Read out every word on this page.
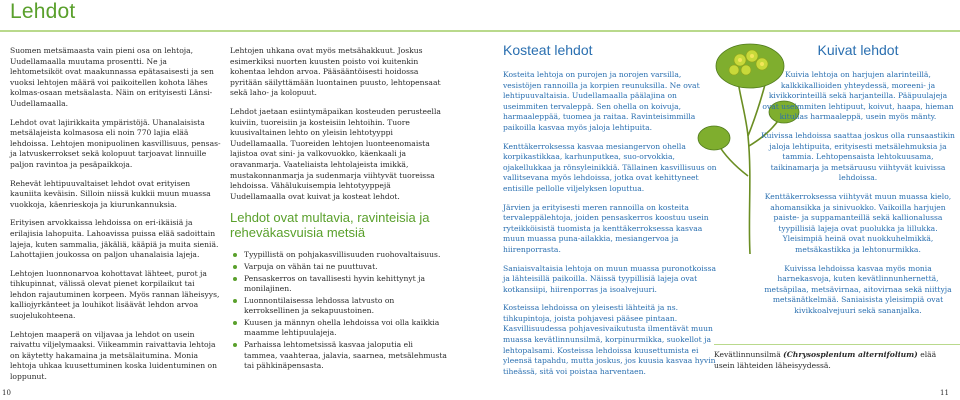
Lehdot

Suomen metsämaasta vain pieni osa on lehtoja, Uudellamaalla muutama prosentti. Ne ja lehtometsiköt ovat maakunnassa epätasaisesti ja sen vuoksi lehtojen määrä voi paikoitellen kohota lähes kolmas-osaan metsäalasta. Näin on erityisesti Länsi-Uudellamaalla.

Lehdot ovat lajirikkaita ympäristöjä. Uhanalaisista metsälajeista kolmasosa eli noin 770 lajia elää lehdoissa. Lehtojen monipuolinen kasvillisuus, pensas- ja latvuskerrokset sekä kolopuut tarjoavat linnuille paljon ravintoa ja pesäpaikkoja.

Rehevät lehtipuuvaltaiset lehdot ovat erityisen kauniita keväisin. Silloin niissä kukkii muun muassa vuokkoja, käenrieskoja ja kiurunkannuksia.

Erityisen arvokkaissa lehdoissa on eri-ikäisiä ja erilajisia lahopuita. Lahoavissa puissa elää sadoittain lajeja, kuten sammalia, jäkäliä, kääpiä ja muita sieniä. Lahottajien joukossa on paljon uhanalaisia lajeja.

Lehtojen luonnonarvoa kohottavat lähteet, purot ja tihkupinnat, välissä olevat pienet korpilaikut tai lehdon rajautuminen korpeen. Myös rannan läheisyys, kalliojyrkänteet ja louhikot lisäävät lehdon arvoa suojelukohteena.

Lehtojen maaperä on viljavaa ja lehdot on usein raivattu viljelymaaksi. Viikeammin raivattavia lehtoja on käytetty hakamaina ja metsälaitumina. Monia lehtoja uhkaa kuusettuminen koska luidentuminen on loppunut.

Lehtojen uhkana ovat myös metsähakkuut. Joskus esimerkiksi nuorten kuusten poisto voi kuitenkin kohentaa lehdon arvoa. Pääsääntöisesti hoidossa pyritään säilyttämään luontainen puusto, lehtopensaat sekä laho- ja kolopuut.

Lehdot jaetaan esiintymäpaikan kosteuden perusteella kuiviin, tuoreisiin ja kosteisiin lehtoihin. Tuore kuusivaltainen lehto on yleisin lehtotyyppi Uudellamaalla. Tuoreiden lehtojen luonteenomaista lajistoa ovat sini- ja valkovuokko, käenkaali ja oravanmarja. Vaateliaista lehtolajeista imikkä, mustakonnanmarja ja sudenmarja viihtyvät tuoreissa lehdoissa. Vähälukuisempia lehtotyyppejä Uudellamaalla ovat kuivat ja kosteat lehdot.

Lehdot ovat multavia, ravinteisia ja reheväkasvuisia metsiä
Tyypillistä on pohjakasvillisuuden ruohovaltaisuus.
Varpuja on vähän tai ne puuttuvat.
Pensaskerros on tavallisesti hyvin kehittynyt ja monilajinen.
Luonnontilaisessa lehdossa latvusto on kerroksellinen ja sekapuustoinen.
Kuusen ja männyn ohella lehdoissa voi olla kaikkia maamme lehtipuulajeja.
Parhaissa lehtometsissä kasvaa jaloputia eli tammea, vaahteraa, jalavia, saarnea, metsälehmusta tai pähkinäpensasta.
Kosteat lehdot

Kosteita lehtoja on purojen ja norojen varsilla, vesistöjen rannoilla ja korpien reunuksilla. Ne ovat lehtipuuvaltaisia. Uudellamaalla päälajina on useimmiten tervaleppä. Sen ohella on koivuja, harmaaleppää, tuomea ja raitaa. Ravinteisimmilla paikoilla kasvaa myös jaloja lehtipuita.

Kenttäkerroksessa kasvaa mesiangervon ohella korpikastikkaa, karhunputkea, suo-orvokkia, ojakellukkaa ja rönsyleinikkiä. Tällainen kasvillisuus on vallitsevana myös lehdoissa, jotka ovat kehittyneet entisille pellolle viljelyksen loputtua.

Järvien ja erityisesti meren rannoilla on kosteita tervaleppälehtoja, joiden pensaskerros koostuu usein ryteikköisistä tuomista ja kenttäkerroksessa kasvaa muun muassa puna-ailakkia, mesiangervoa ja hiirenporrasta.

Saniaisvaltaisia lehtoja on muun muassa puronotkoissa ja lähteisillä paikoilla. Näissä tyypillisiä lajeja ovat kotkansiipi, hiirenporras ja isoalvejuuri.

Kosteissa lehdoissa on yleisesti lähteitä ja ns. tihkupintoja, joista pohjavesi pääsee pintaan. Kasvillisuudessa pohjavesivaikutusta ilmentävät muun muassa kevätlinnunsilmä, korpinurmikka, suokellot ja lehtopalsami. Kosteissa lehdoissa kuusettumista ei yleensä tapahdu, mutta joskus, jos kuusia kasvaa hyvin tiheässä, sitä voi poistaa harventaen.

Kuivat lehdot

Kuivia lehtoja on harjujen alarinteillä, kalkkikallioiden yhteydessä, moreeni- ja kivikkorinteillä sekä harjanteilla. Pääpuulajeja ovat useimmiten lehtipuut, koivut, haapa, hieman kitulias harmaaleppä, usein myös mänty.

Kuivissa lehdoissa saattaa joskus olla runsaastikin jaloja lehtipuita, erityisesti metsälehmuksia ja tammia. Lehtopensaista lehtokuusama, taikinamarja ja metsäruusu viihtyvät kuivissa lehdoissa.

Kenttäkerroksessa viihtyvät muun muassa kielo, ahomansikka ja sinivuokko. Vaikoilla harjujen paiste- ja suppamanteillä sekä kallionalussa tyypillisiä lajeja ovat puolukka ja lillukka. Yleisimpiä heinä ovat nuokkuhelmikkä, metsäkastikka ja lehtonurmikka.

Kuivissa lehdoissa kasvaa myös monia harnekasvoja, kuten kevätlinnunhernettä, metsäpilaa, metsävirnaa, aitovirnaa sekä niittyja metsänätkelmää. Saniaisista yleisimpiä ovat kivikkoalvejuuri sekä sananjalka.

Kevätlinnunsilmä (Chrysosplenium alternifolium) elää usein lähteiden läheisyydessä.
10	11
